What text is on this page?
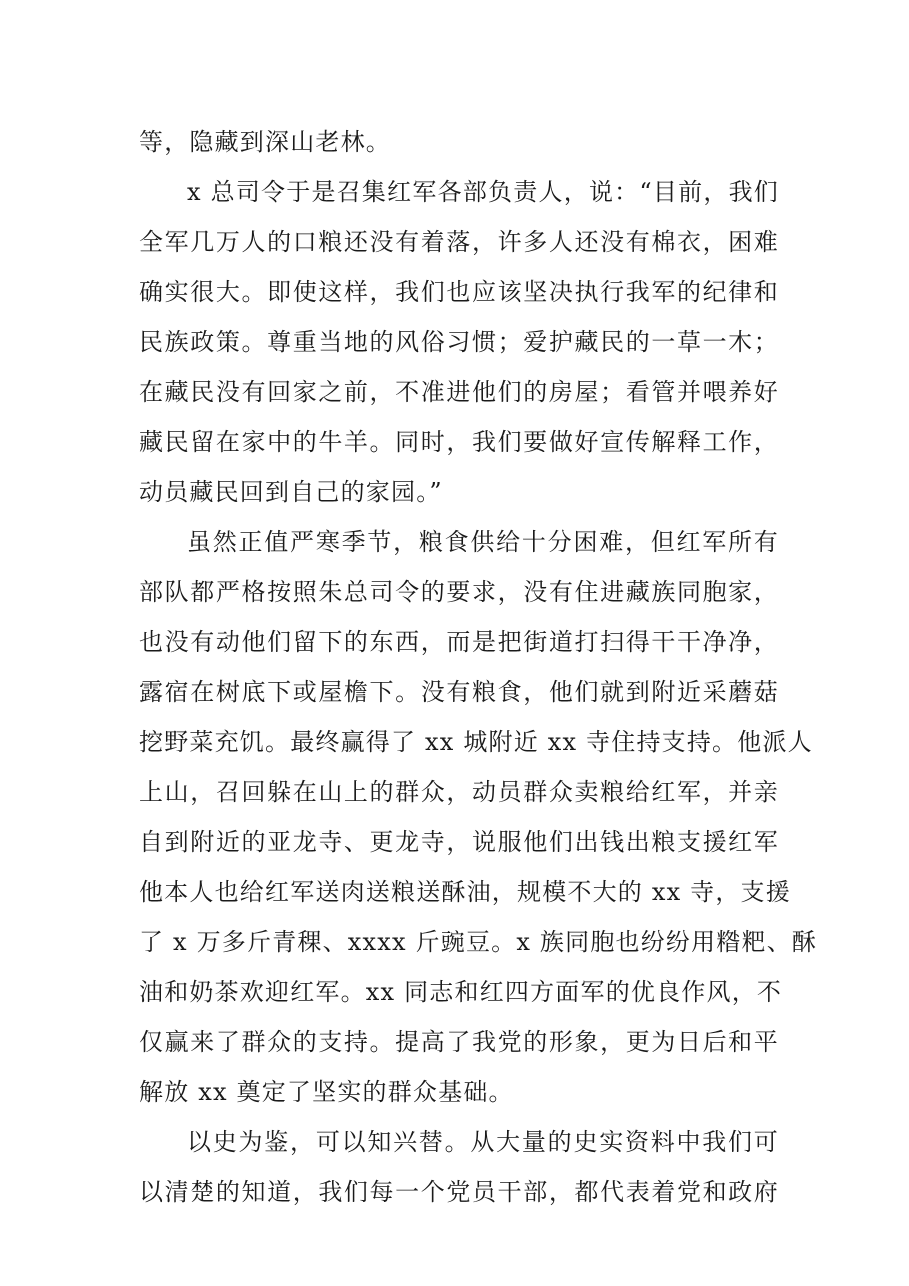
等，隐藏到深山老林。
x 总司令于是召集红军各部负责人，说：“目前，我们
全军几万人的口粮还没有着落，许多人还没有棉衣，困难
确实很大。即使这样，我们也应该坚决执行我军的纪律和
民族政策。尊重当地的风俗习惯；爱护藏民的一草一木；
在藏民没有回家之前，不准进他们的房屋；看管并喂养好
藏民留在家中的牛羊。同时，我们要做好宣传解释工作，
动员藏民回到自己的家园。”
虽然正值严寒季节，粮食供给十分困难，但红军所有
部队都严格按照朱总司令的要求，没有住进藏族同胞家，
也没有动他们留下的东西，而是把街道打扫得干干净净，
露宿在树底下或屋檐下。没有粮食，他们就到附近采蘑菇
挖野菜充饥。最终赢得了 xx 城附近 xx 寺住持支持。他派人
上山，召回躲在山上的群众，动员群众卖粮给红军，并亲
自到附近的亚龙寺、更龙寺，说服他们出钱出粮支援红军
他本人也给红军送肉送粮送酥油，规模不大的 xx 寺，支援
了 x 万多斤青稞、xxxx 斤豌豆。x 族同胞也纷纷用糌粑、酥
油和奶茶欢迎红军。xx 同志和红四方面军的优良作风，不
仅赢来了群众的支持。提高了我党的形象，更为日后和平
解放 xx 奠定了坚实的群众基础。
以史为鉴，可以知兴替。从大量的史实资料中我们可
以清楚的知道，我们每一个党员干部，都代表着党和政府
